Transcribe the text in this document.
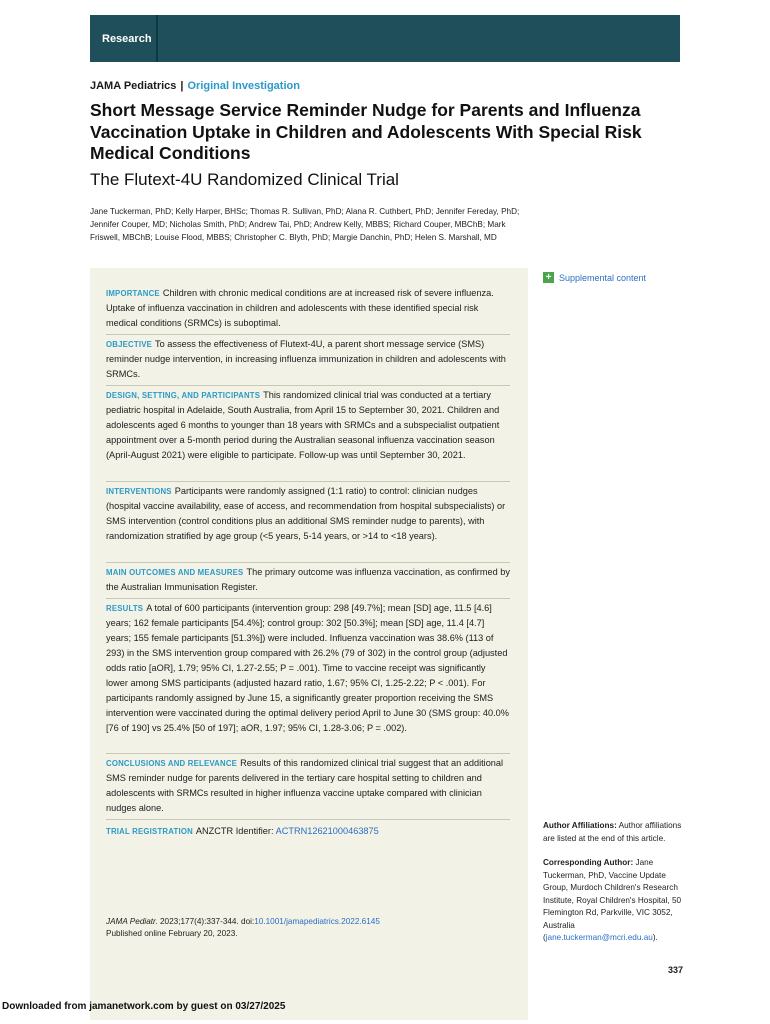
Research
JAMA Pediatrics | Original Investigation
Short Message Service Reminder Nudge for Parents and Influenza Vaccination Uptake in Children and Adolescents With Special Risk Medical Conditions
The Flutext-4U Randomized Clinical Trial

Jane Tuckerman, PhD; Kelly Harper, BHSc; Thomas R. Sullivan, PhD; Alana R. Cuthbert, PhD; Jennifer Fereday, PhD; Jennifer Couper, MD; Nicholas Smith, PhD; Andrew Tai, PhD; Andrew Kelly, MBBS; Richard Couper, MBChB; Mark Friswell, MBChB; Louise Flood, MBBS; Christopher C. Blyth, PhD; Margie Danchin, PhD; Helen S. Marshall, MD

+ Supplemental content
IMPORTANCE Children with chronic medical conditions are at increased risk of severe influenza. Uptake of influenza vaccination in children and adolescents with these identified special risk medical conditions (SRMCs) is suboptimal.
OBJECTIVE To assess the effectiveness of Flutext-4U, a parent short message service (SMS) reminder nudge intervention, in increasing influenza immunization in children and adolescents with SRMCs.
DESIGN, SETTING, AND PARTICIPANTS This randomized clinical trial was conducted at a tertiary pediatric hospital in Adelaide, South Australia, from April 15 to September 30, 2021. Children and adolescents aged 6 months to younger than 18 years with SRMCs and a subspecialist outpatient appointment over a 5-month period during the Australian seasonal influenza vaccination season (April-August 2021) were eligible to participate. Follow-up was until September 30, 2021.
INTERVENTIONS Participants were randomly assigned (1:1 ratio) to control: clinician nudges (hospital vaccine availability, ease of access, and recommendation from hospital subspecialists) or SMS intervention (control conditions plus an additional SMS reminder nudge to parents), with randomization stratified by age group (<5 years, 5-14 years, or >14 to <18 years).
MAIN OUTCOMES AND MEASURES The primary outcome was influenza vaccination, as confirmed by the Australian Immunisation Register.
RESULTS A total of 600 participants (intervention group: 298 [49.7%]; mean [SD] age, 11.5 [4.6] years; 162 female participants [54.4%]; control group: 302 [50.3%]; mean [SD] age, 11.4 [4.7] years; 155 female participants [51.3%]) were included. Influenza vaccination was 38.6% (113 of 293) in the SMS intervention group compared with 26.2% (79 of 302) in the control group (adjusted odds ratio [aOR], 1.79; 95% CI, 1.27-2.55; P = .001). Time to vaccine receipt was significantly lower among SMS participants (adjusted hazard ratio, 1.67; 95% CI, 1.25-2.22; P < .001). For participants randomly assigned by June 15, a significantly greater proportion receiving the SMS intervention were vaccinated during the optimal delivery period April to June 30 (SMS group: 40.0% [76 of 190] vs 25.4% [50 of 197]; aOR, 1.97; 95% CI, 1.28-3.06; P = .002).
CONCLUSIONS AND RELEVANCE Results of this randomized clinical trial suggest that an additional SMS reminder nudge for parents delivered in the tertiary care hospital setting to children and adolescents with SRMCs resulted in higher influenza vaccine uptake compared with clinician nudges alone.
TRIAL REGISTRATION ANZCTR Identifier: ACTRN12621000463875
JAMA Pediatr. 2023;177(4):337-344. doi:10.1001/jamapediatrics.2022.6145
Published online February 20, 2023.
Author Affiliations: Author affiliations are listed at the end of this article.
Corresponding Author: Jane Tuckerman, PhD, Vaccine Update Group, Murdoch Children's Research Institute, Royal Children's Hospital, 50 Flemington Rd, Parkville, VIC 3052, Australia (jane.tuckerman@mcri.edu.au).
337
Downloaded from jamanetwork.com by guest on 03/27/2025
